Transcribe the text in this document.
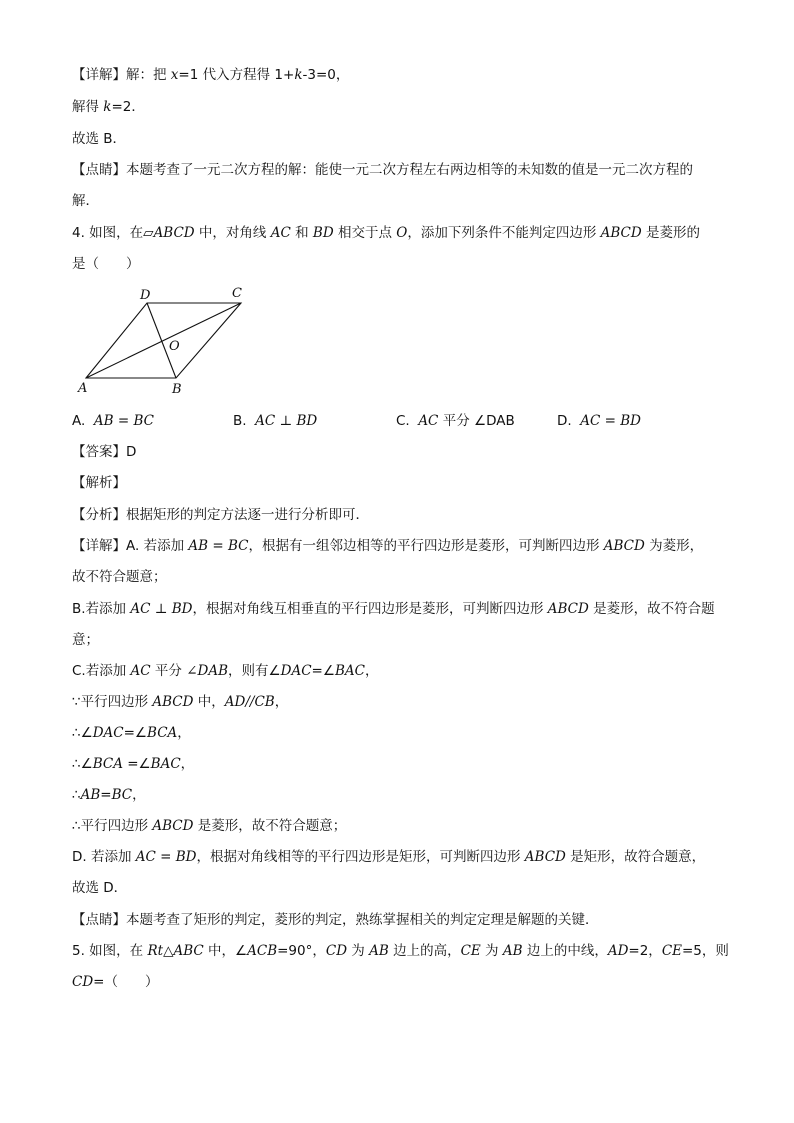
【详解】解：把 x=1 代入方程得 1+k-3=0，
解得 k=2．
故选 B．
【点睛】本题考查了一元二次方程的解：能使一元二次方程左右两边相等的未知数的值是一元二次方程的
解．
4. 如图，在▱ABCD 中，对角线 AC 和 BD 相交于点 O，添加下列条件不能判定四边形 ABCD 是菱形的
是（　　）
A	B
C
D
O
A. AB = BC	B. AC ⊥ BD	C. AC 平分 ∠DAB	D. AC = BD
【答案】D
【解析】
【分析】根据矩形的判定方法逐一进行分析即可．
【详解】A. 若添加 AB = BC，根据有一组邻边相等的平行四边形是菱形，可判断四边形 ABCD 为菱形，
故不符合题意；
B.若添加 AC ⊥ BD，根据对角线互相垂直的平行四边形是菱形，可判断四边形 ABCD 是菱形，故不符合题
意；
C.若添加 AC 平分 ∠DAB，则有∠DAC=∠BAC，
∵平行四边形 ABCD 中，AD//CB，
∴∠DAC=∠BCA，
∴∠BCA =∠BAC，
∴AB=BC，
∴平行四边形 ABCD 是菱形，故不符合题意；
D. 若添加 AC = BD，根据对角线相等的平行四边形是矩形，可判断四边形 ABCD 是矩形，故符合题意，
故选 D．
【点睛】本题考查了矩形的判定，菱形的判定，熟练掌握相关的判定定理是解题的关键．
5. 如图，在 Rt△ABC 中，∠ACB=90°，CD 为 AB 边上的高，CE 为 AB 边上的中线，AD=2，CE=5，则
CD=（　　）
